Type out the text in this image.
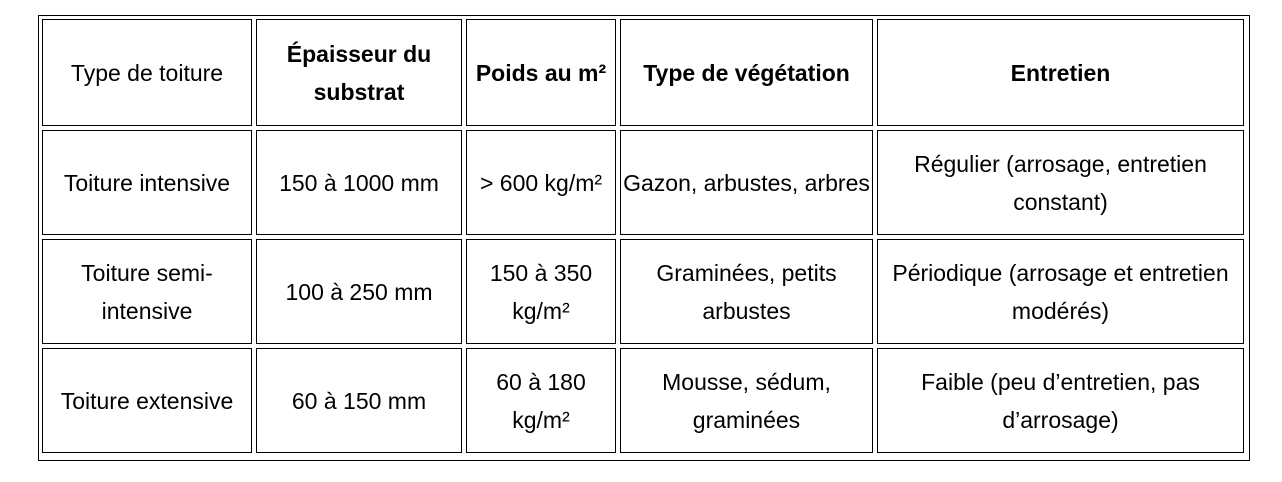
Type de toiture	Épaisseur du substrat	Poids au m²	Type de végétation	Entretien
Toiture intensive	150 à 1000 mm	> 600 kg/m²	Gazon, arbustes, arbres	Régulier (arrosage, entretien constant)
Toiture semi-intensive	100 à 250 mm	150 à 350 kg/m²	Graminées, petits arbustes	Périodique (arrosage et entretien modérés)
Toiture extensive	60 à 150 mm	60 à 180 kg/m²	Mousse, sédum, graminées	Faible (peu d’entretien, pas d’arrosage)
